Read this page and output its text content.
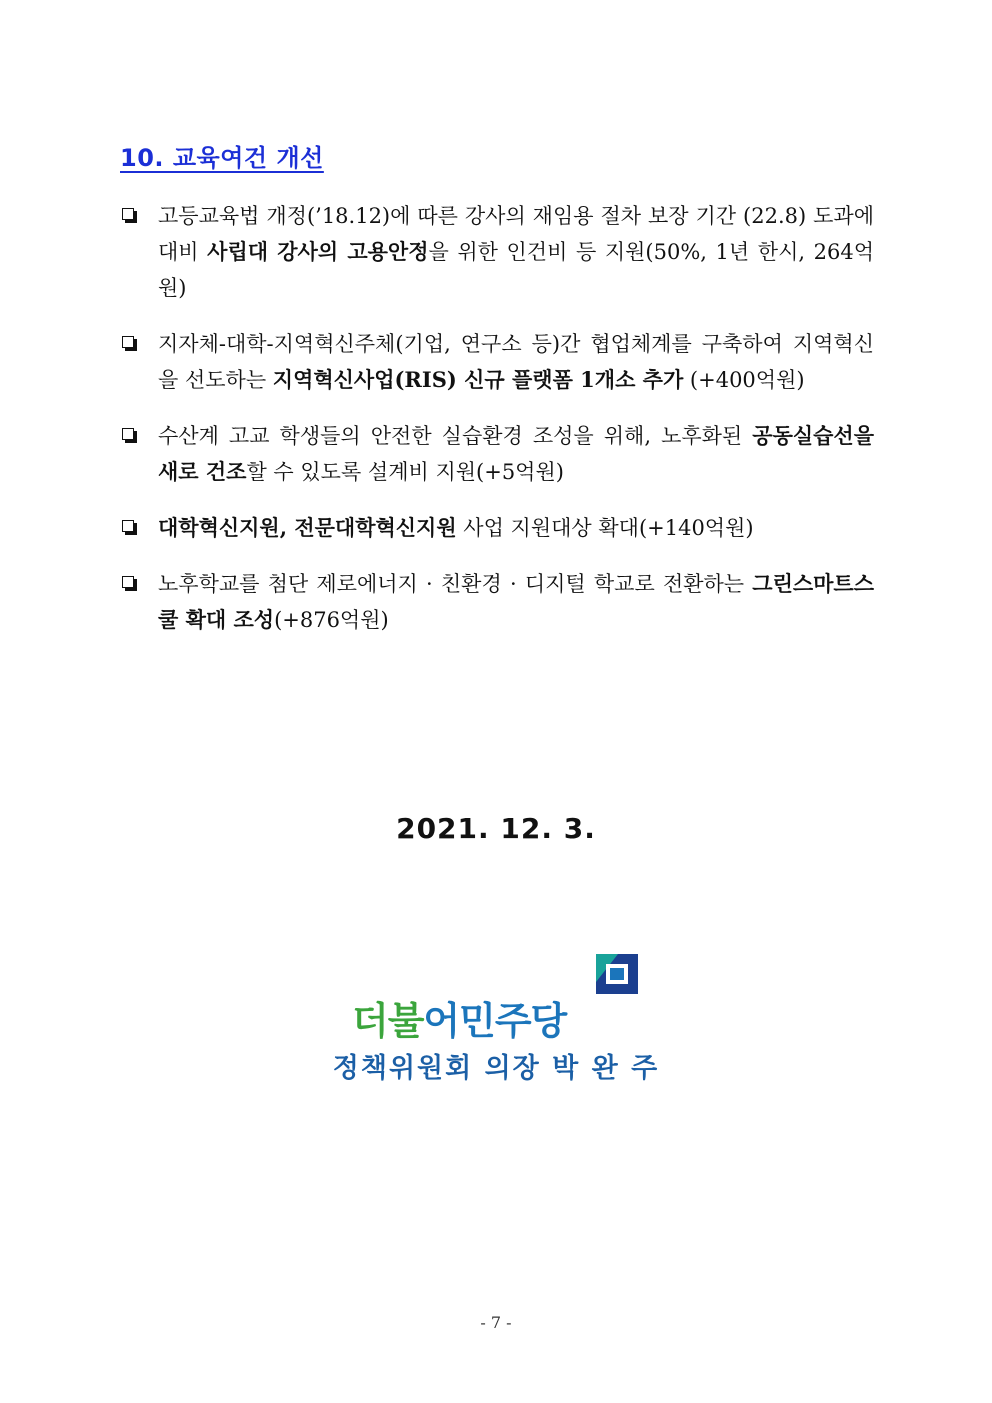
10. 교육여건 개선
고등교육법 개정(’18.12)에 따른 강사의 재임용 절차 보장 기간 (22.8) 도과에 대비 사립대 강사의 고용안정을 위한 인건비 등 지원(50%, 1년 한시, 264억원)
지자체-대학-지역혁신주체(기업, 연구소 등)간 협업체계를 구축하여 지역혁신을 선도하는 지역혁신사업(RIS) 신규 플랫폼 1개소 추가 (+400억원)
수산계 고교 학생들의 안전한 실습환경 조성을 위해, 노후화된 공동실습선을 새로 건조할 수 있도록 설계비 지원(+5억원)
대학혁신지원, 전문대학혁신지원 사업 지원대상 확대(+140억원)
노후학교를 첨단 제로에너지 · 친환경 · 디지털 학교로 전환하는 그린스마트스쿨 확대 조성(+876억원)
2021. 12. 3.
더불어민주당
정책위원회 의장 박 완 주
- 7 -
